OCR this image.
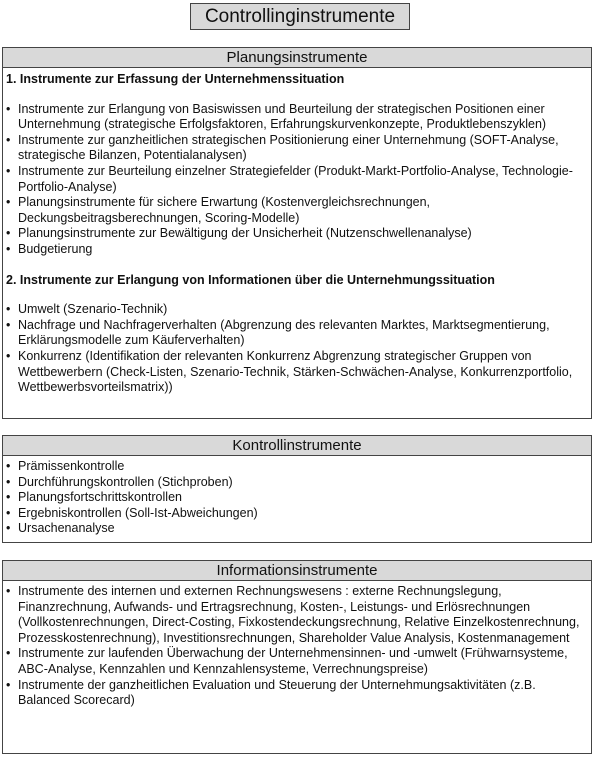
Controllinginstrumente
Planungsinstrumente
1. Instrumente zur Erfassung der Unternehmenssituation
• Instrumente zur Erlangung von Basiswissen und Beurteilung der strategischen Positionen einer Unternehmung (strategische Erfolgsfaktoren, Erfahrungskurvenkonzepte, Produktlebenszyklen)
• Instrumente zur ganzheitlichen strategischen Positionierung einer Unternehmung (SOFT-Analyse, strategische Bilanzen, Potentialanalysen)
• Instrumente zur Beurteilung einzelner Strategiefelder (Produkt-Markt-Portfolio-Analyse, Technologie-Portfolio-Analyse)
• Planungsinstrumente für sichere Erwartung (Kostenvergleichsrechnungen, Deckungsbeitragsberechnungen, Scoring-Modelle)
• Planungsinstrumente zur Bewältigung der Unsicherheit (Nutzenschwellenanalyse)
• Budgetierung
2. Instrumente zur Erlangung von Informationen über die Unternehmungssituation
• Umwelt (Szenario-Technik)
• Nachfrage und Nachfragerverhalten (Abgrenzung des relevanten Marktes, Marktsegmentierung, Erklärungsmodelle zum Käuferverhalten)
• Konkurrenz (Identifikation der relevanten Konkurrenz Abgrenzung strategischer Gruppen von Wettbewerbern (Check-Listen, Szenario-Technik, Stärken-Schwächen-Analyse, Konkurrenzportfolio, Wettbewerbsvorteilsmatrix))
Kontrollinstrumente
• Prämissenkontrolle
• Durchführungskontrollen (Stichproben)
• Planungsfortschrittskontrollen
• Ergebniskontrollen (Soll-Ist-Abweichungen)
• Ursachenanalyse
Informationsinstrumente
• Instrumente des internen und externen Rechnungswesens : externe Rechnungslegung, Finanzrechnung, Aufwands- und Ertragsrechnung, Kosten-, Leistungs- und Erlösrechnungen (Vollkostenrechnungen, Direct-Costing, Fixkostendeckungsrechnung, Relative Einzelkostenrechnung, Prozesskostenrechnung), Investitionsrechnungen, Shareholder Value Analysis, Kostenmanagement
• Instrumente zur laufenden Überwachung der Unternehmensinnen- und -umwelt (Frühwarnsysteme, ABC-Analyse, Kennzahlen und Kennzahlensysteme, Verrechnungspreise)
• Instrumente der ganzheitlichen Evaluation und Steuerung der Unternehmungsaktivitäten (z.B. Balanced Scorecard)
